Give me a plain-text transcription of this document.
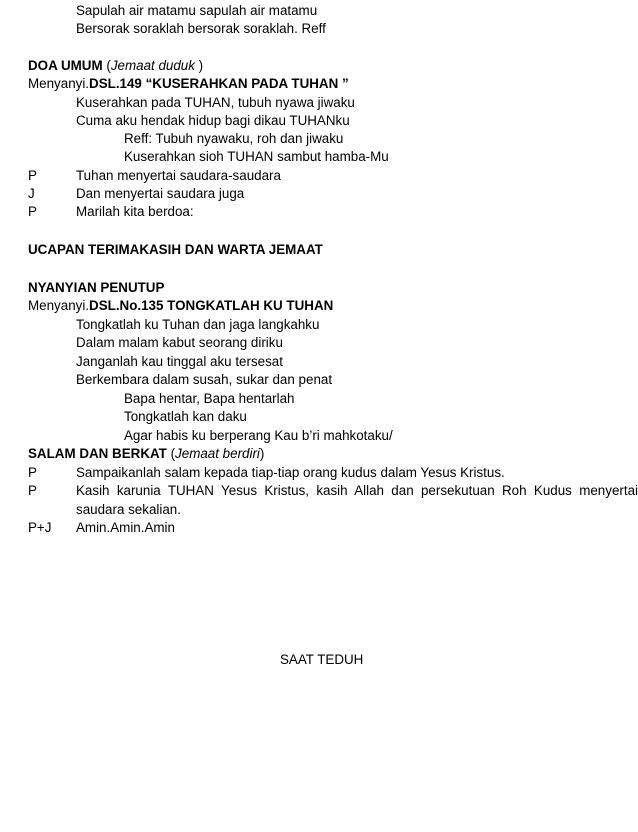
Sapulah air matamu sapulah air matamu
Bersorak soraklah bersorak soraklah. Reff
DOA UMUM (Jemaat duduk )
Menyanyi.DSL.149 “KUSERAHKAN PADA TUHAN ”
Kuserahkan pada TUHAN, tubuh nyawa jiwaku
Cuma aku hendak hidup bagi dikau TUHANku
Reff: Tubuh nyawaku, roh dan jiwaku
Kuserahkan sioh TUHAN sambut hamba-Mu
P	Tuhan menyertai saudara-saudara
J	Dan menyertai saudara juga
P	Marilah kita berdoa:
UCAPAN TERIMAKASIH DAN WARTA JEMAAT
NYANYIAN PENUTUP
Menyanyi.DSL.No.135 TONGKATLAH KU TUHAN
Tongkatlah ku Tuhan dan jaga langkahku
Dalam malam kabut seorang diriku
Janganlah kau tinggal aku tersesat
Berkembara dalam susah, sukar dan penat
Bapa hentar, Bapa hentarlah
Tongkatlah kan daku
Agar habis ku berperang Kau b’ri mahkotaku/
SALAM DAN BERKAT (Jemaat berdiri)
P	Sampaikanlah salam kepada tiap-tiap orang kudus dalam Yesus Kristus.
P	Kasih karunia TUHAN Yesus Kristus, kasih Allah dan persekutuan Roh Kudus menyertai
saudara sekalian.
P+J Amin.Amin.Amin
SAAT TEDUH
